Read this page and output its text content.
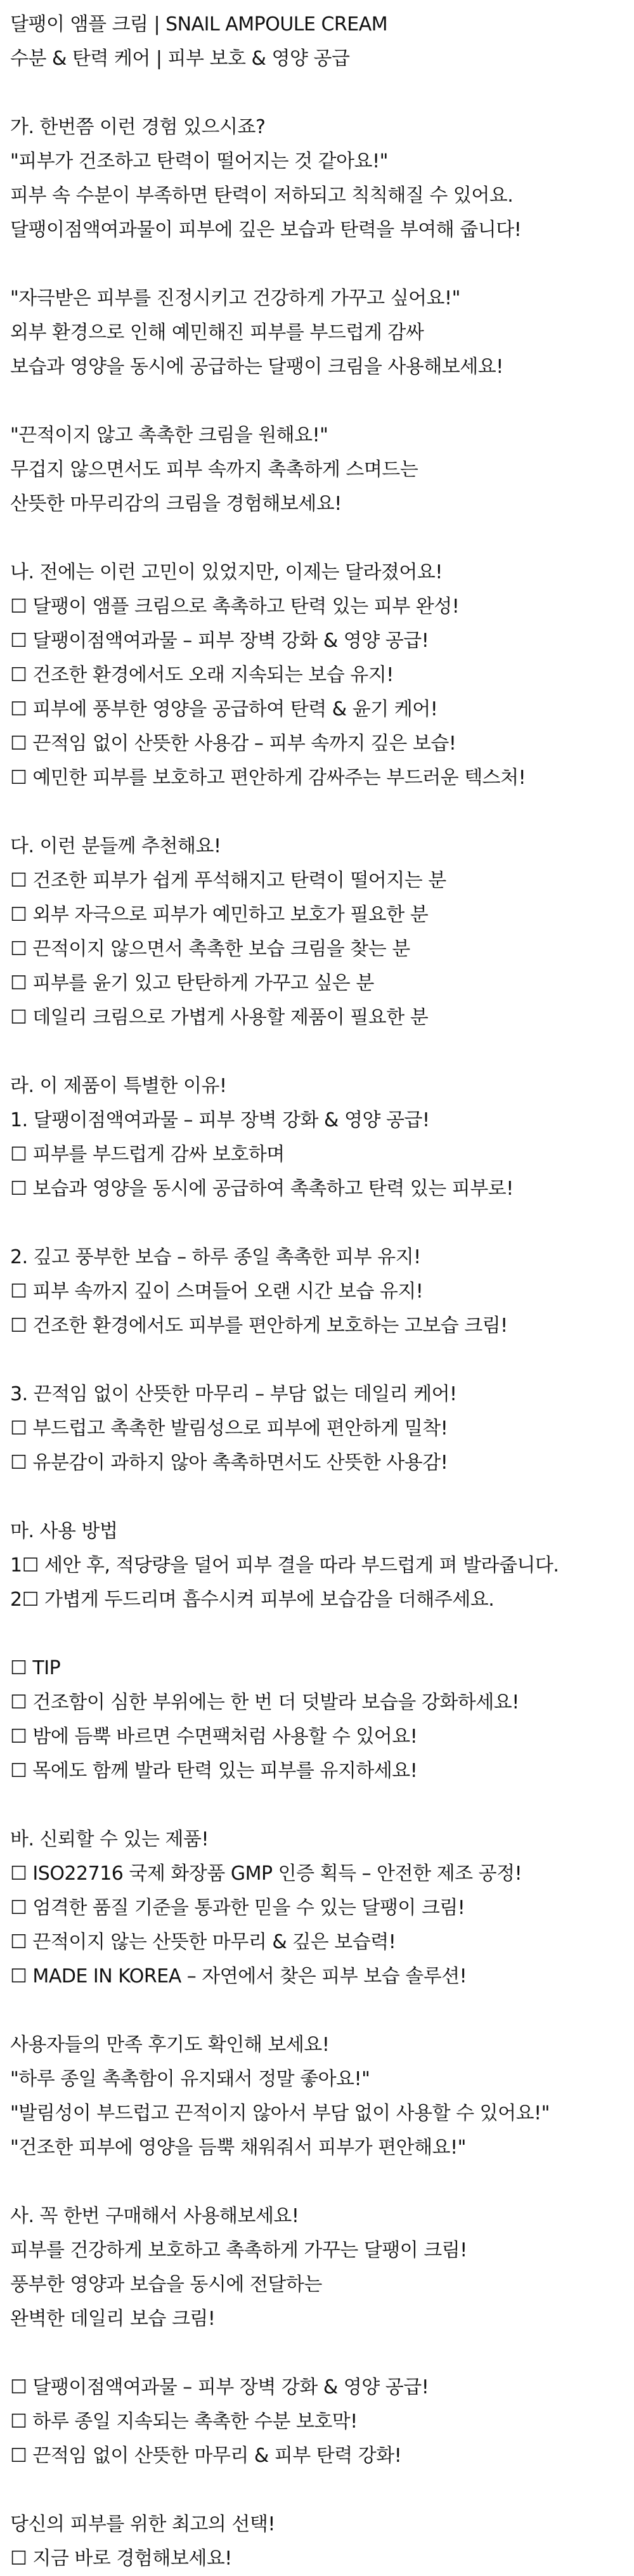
달팽이 앰플 크림 | SNAIL AMPOULE CREAM
수분 & 탄력 케어 | 피부 보호 & 영양 공급
가. 한번쯤 이런 경험 있으시죠?
"피부가 건조하고 탄력이 떨어지는 것 같아요!"
피부 속 수분이 부족하면 탄력이 저하되고 칙칙해질 수 있어요.
달팽이점액여과물이 피부에 깊은 보습과 탄력을 부여해 줍니다!
"자극받은 피부를 진정시키고 건강하게 가꾸고 싶어요!"
외부 환경으로 인해 예민해진 피부를 부드럽게 감싸
보습과 영양을 동시에 공급하는 달팽이 크림을 사용해보세요!
"끈적이지 않고 촉촉한 크림을 원해요!"
무겁지 않으면서도 피부 속까지 촉촉하게 스며드는
산뜻한 마무리감의 크림을 경험해보세요!
나. 전에는 이런 고민이 있었지만, 이제는 달라졌어요!
☐ 달팽이 앰플 크림으로 촉촉하고 탄력 있는 피부 완성!
☐ 달팽이점액여과물 – 피부 장벽 강화 & 영양 공급!
☐ 건조한 환경에서도 오래 지속되는 보습 유지!
☐ 피부에 풍부한 영양을 공급하여 탄력 & 윤기 케어!
☐ 끈적임 없이 산뜻한 사용감 – 피부 속까지 깊은 보습!
☐ 예민한 피부를 보호하고 편안하게 감싸주는 부드러운 텍스처!
다. 이런 분들께 추천해요!
☐ 건조한 피부가 쉽게 푸석해지고 탄력이 떨어지는 분
☐ 외부 자극으로 피부가 예민하고 보호가 필요한 분
☐ 끈적이지 않으면서 촉촉한 보습 크림을 찾는 분
☐ 피부를 윤기 있고 탄탄하게 가꾸고 싶은 분
☐ 데일리 크림으로 가볍게 사용할 제품이 필요한 분
라. 이 제품이 특별한 이유!
1. 달팽이점액여과물 – 피부 장벽 강화 & 영양 공급!
☐ 피부를 부드럽게 감싸 보호하며
☐ 보습과 영양을 동시에 공급하여 촉촉하고 탄력 있는 피부로!
2. 깊고 풍부한 보습 – 하루 종일 촉촉한 피부 유지!
☐ 피부 속까지 깊이 스며들어 오랜 시간 보습 유지!
☐ 건조한 환경에서도 피부를 편안하게 보호하는 고보습 크림!
3. 끈적임 없이 산뜻한 마무리 – 부담 없는 데일리 케어!
☐ 부드럽고 촉촉한 발림성으로 피부에 편안하게 밀착!
☐ 유분감이 과하지 않아 촉촉하면서도 산뜻한 사용감!
마. 사용 방법
1☐ 세안 후, 적당량을 덜어 피부 결을 따라 부드럽게 펴 발라줍니다.
2☐ 가볍게 두드리며 흡수시켜 피부에 보습감을 더해주세요.
☐ TIP
☐ 건조함이 심한 부위에는 한 번 더 덧발라 보습을 강화하세요!
☐ 밤에 듬뿍 바르면 수면팩처럼 사용할 수 있어요!
☐ 목에도 함께 발라 탄력 있는 피부를 유지하세요!
바. 신뢰할 수 있는 제품!
☐ ISO22716 국제 화장품 GMP 인증 획득 – 안전한 제조 공정!
☐ 엄격한 품질 기준을 통과한 믿을 수 있는 달팽이 크림!
☐ 끈적이지 않는 산뜻한 마무리 & 깊은 보습력!
☐ MADE IN KOREA – 자연에서 찾은 피부 보습 솔루션!
사용자들의 만족 후기도 확인해 보세요!
"하루 종일 촉촉함이 유지돼서 정말 좋아요!"
"발림성이 부드럽고 끈적이지 않아서 부담 없이 사용할 수 있어요!"
"건조한 피부에 영양을 듬뿍 채워줘서 피부가 편안해요!"
사. 꼭 한번 구매해서 사용해보세요!
피부를 건강하게 보호하고 촉촉하게 가꾸는 달팽이 크림!
풍부한 영양과 보습을 동시에 전달하는
완벽한 데일리 보습 크림!
☐ 달팽이점액여과물 – 피부 장벽 강화 & 영양 공급!
☐ 하루 종일 지속되는 촉촉한 수분 보호막!
☐ 끈적임 없이 산뜻한 마무리 & 피부 탄력 강화!
당신의 피부를 위한 최고의 선택!
☐ 지금 바로 경험해보세요!
